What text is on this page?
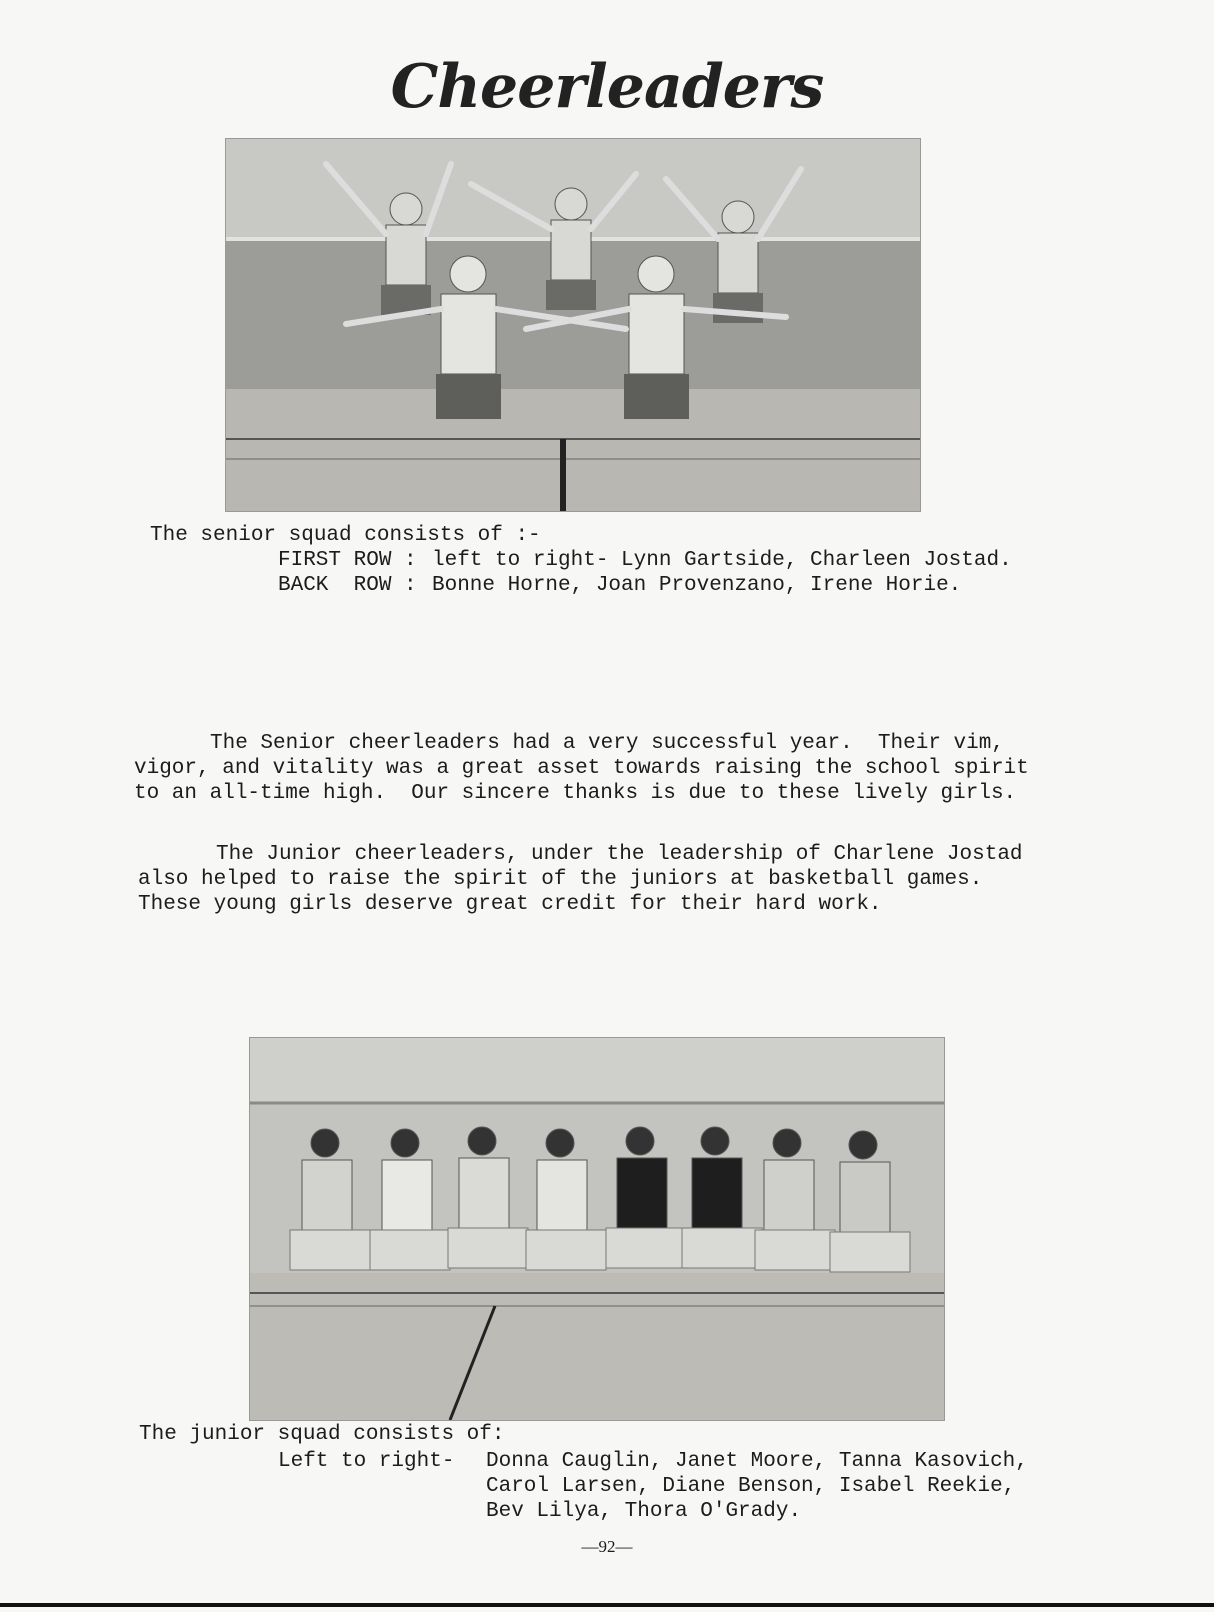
Cheerleaders
The senior squad consists of :-
FIRST ROW : left to right- Lynn Gartside, Charleen Jostad.
BACK  ROW : Bonne Horne, Joan Provenzano, Irene Horie.
The Senior cheerleaders had a very successful year.  Their vim,
vigor, and vitality was a great asset towards raising the school spirit
to an all-time high.  Our sincere thanks is due to these lively girls.
The Junior cheerleaders, under the leadership of Charlene Jostad
also helped to raise the spirit of the juniors at basketball games.
These young girls deserve great credit for their hard work.
The junior squad consists of:
Left to right- Donna Cauglin, Janet Moore, Tanna Kasovich,
Carol Larsen, Diane Benson, Isabel Reekie,
Bev Lilya, Thora O'Grady.
—92—
